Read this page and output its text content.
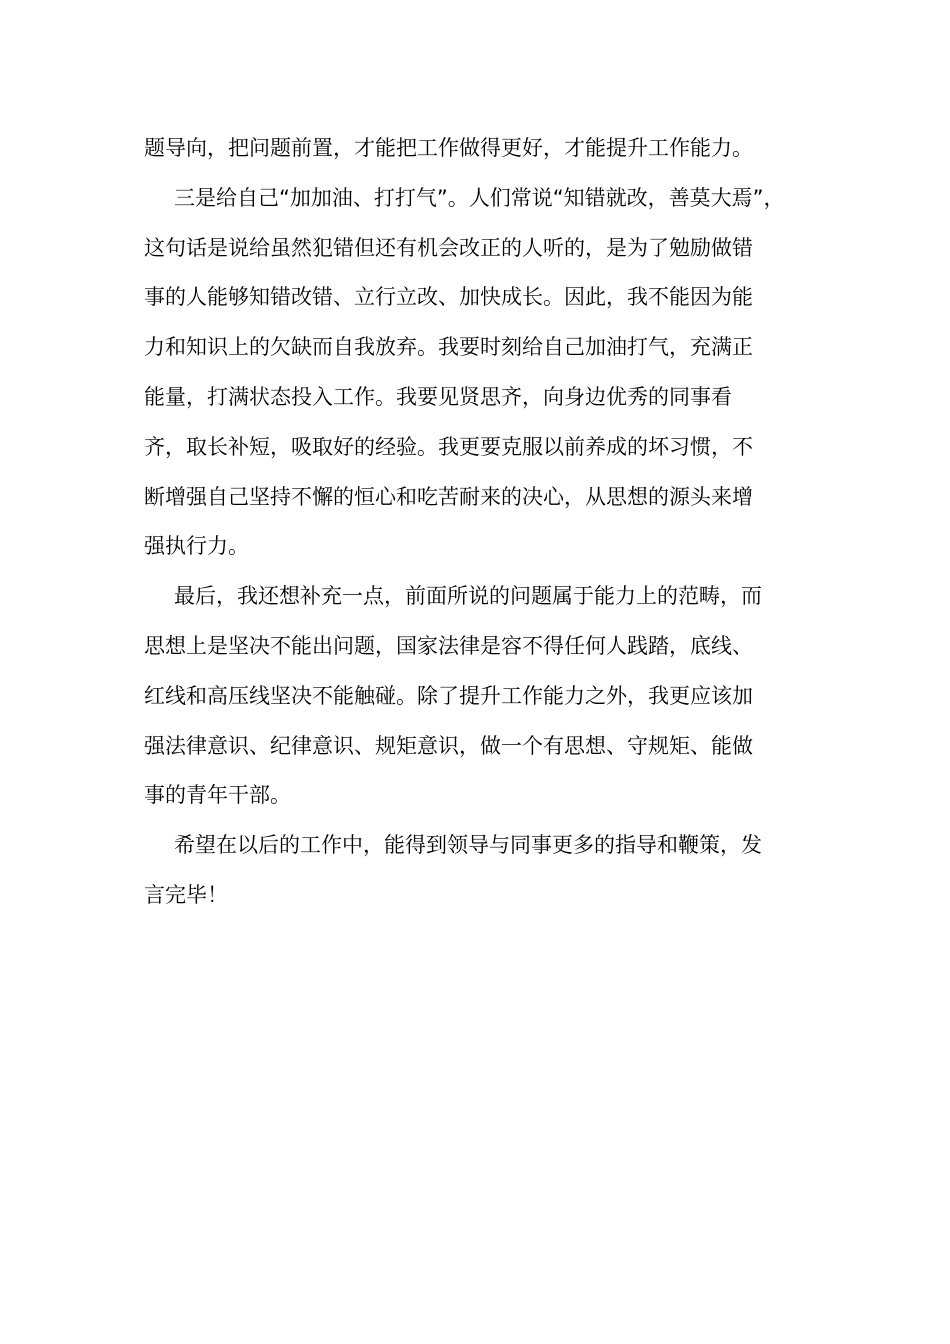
题导向，把问题前置，才能把工作做得更好，才能提升工作能力。
三是给自己“加加油、打打气”。人们常说“知错就改，善莫大焉”，
这句话是说给虽然犯错但还有机会改正的人听的，是为了勉励做错
事的人能够知错改错、立行立改、加快成长。因此，我不能因为能
力和知识上的欠缺而自我放弃。我要时刻给自己加油打气，充满正
能量，打满状态投入工作。我要见贤思齐，向身边优秀的同事看
齐，取长补短，吸取好的经验。我更要克服以前养成的坏习惯，不
断增强自己坚持不懈的恒心和吃苦耐来的决心，从思想的源头来增
强执行力。
最后，我还想补充一点，前面所说的问题属于能力上的范畴，而
思想上是坚决不能出问题，国家法律是容不得任何人践踏，底线、
红线和高压线坚决不能触碰。除了提升工作能力之外，我更应该加
强法律意识、纪律意识、规矩意识，做一个有思想、守规矩、能做
事的青年干部。
希望在以后的工作中，能得到领导与同事更多的指导和鞭策，发
言完毕！
